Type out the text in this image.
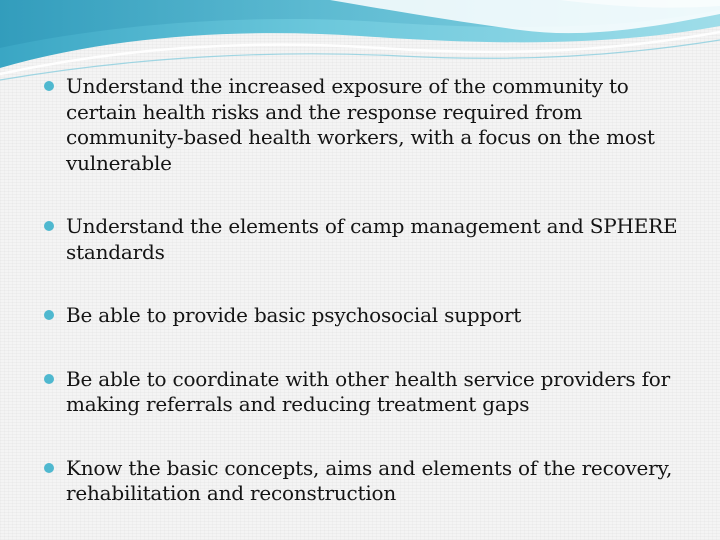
Understand the increased exposure of the community to certain health risks and the response required from community-based health workers, with a focus on the most vulnerable
Understand the elements of camp management and SPHERE standards
Be able to provide basic psychosocial support
Be able to coordinate with other health service providers for making referrals and reducing treatment gaps
Know the basic concepts, aims and elements of the recovery, rehabilitation and reconstruction
